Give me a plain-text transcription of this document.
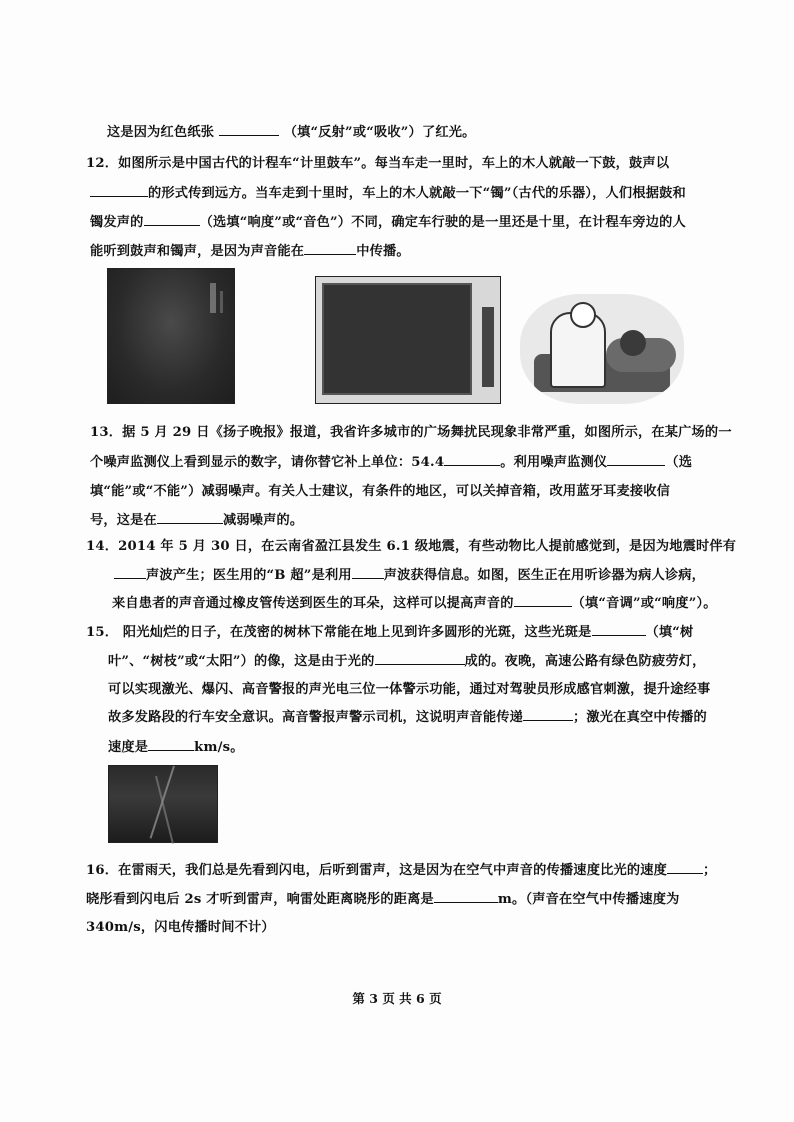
这是因为红色纸张	（填“反射”或“吸收”）了红光。
12．如图所示是中国古代的计程车“计里鼓车”。每当车走一里时，车上的木人就敲一下鼓，鼓声以
的形式传到远方。当车走到十里时，车上的木人就敲一下“镯”（古代的乐器），人们根据鼓和
镯发声的	（选填“响度”或“音色”）不同，确定车行驶的是一里还是十里，在计程车旁边的人
能听到鼓声和镯声，是因为声音能在	中传播。
13．据 5 月 29 日《扬子晚报》报道，我省许多城市的广场舞扰民现象非常严重，如图所示，在某广场的一
个噪声监测仪上看到显示的数字，请你替它补上单位：54.4	。利用噪声监测仪	（选
填“能”或“不能”）减弱噪声。有关人士建议，有条件的地区，可以关掉音箱，改用蓝牙耳麦接收信
号，这是在	减弱噪声的。
14．2014 年 5 月 30 日，在云南省盈江县发生 6.1 级地震，有些动物比人提前感觉到，是因为地震时伴有
声波产生；医生用的“B 超”是利用 声波获得信息。如图，医生正在用听诊器为病人诊病，
来自患者的声音通过橡皮管传送到医生的耳朵，这样可以提高声音的	（填“音调”或“响度”）。
15． 阳光灿烂的日子，在茂密的树林下常能在地上见到许多圆形的光斑，这些光斑是	（填“树
叶”、“树枝”或“太阳”）的像，这是由于光的	成的。夜晚，高速公路有绿色防疲劳灯，
可以实现激光、爆闪、高音警报的声光电三位一体警示功能，通过对驾驶员形成感官刺激，提升途经事
故多发路段的行车安全意识。高音警报声警示司机，这说明声音能传递	；激光在真空中传播的
速度是	km/s。
16．在雷雨天，我们总是先看到闪电，后听到雷声，这是因为在空气中声音的传播速度比光的速度	；
晓彤看到闪电后 2s 才听到雷声，响雷处距离晓彤的距离是	m。（声音在空气中传播速度为
340m/s，闪电传播时间不计）
第 3 页 共 6 页
